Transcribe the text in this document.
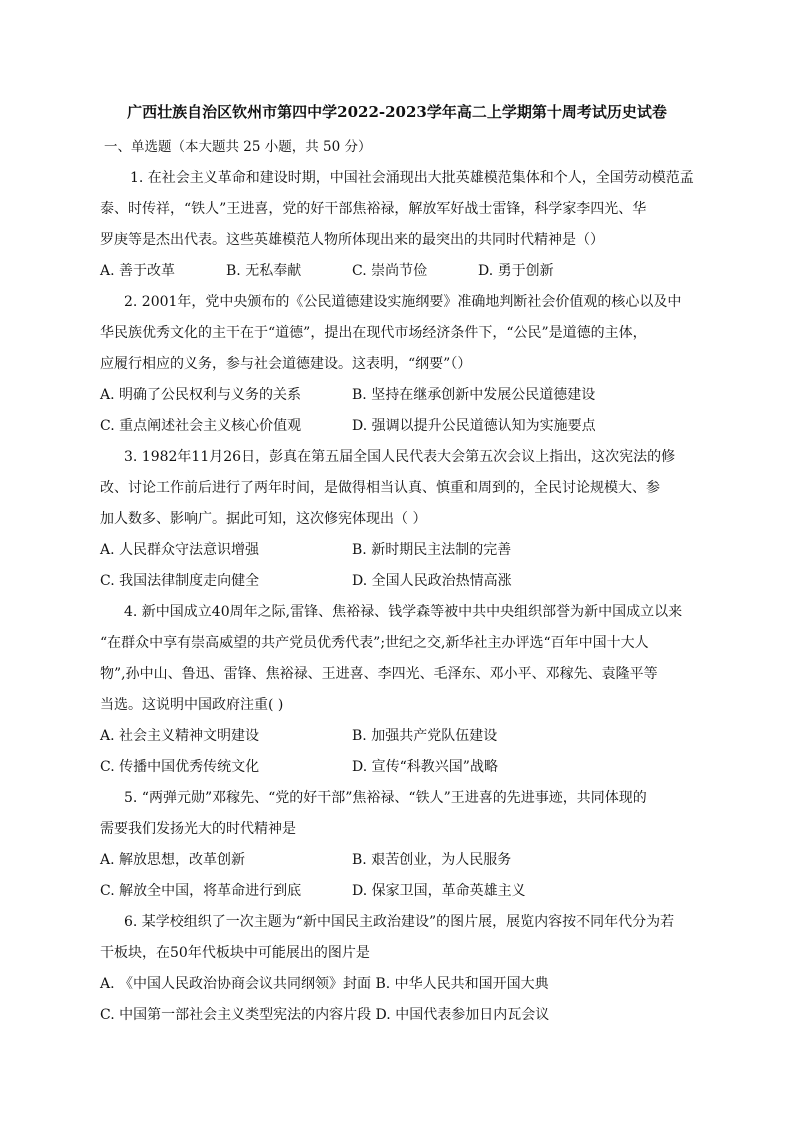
广西壮族自治区钦州市第四中学2022-2023学年高二上学期第十周考试历史试卷
一、单选题（本大题共 25 小题，共 50 分）
1. 在社会主义革命和建设时期，中国社会涌现出大批英雄模范集体和个人，全国劳动模范孟
泰、时传祥，“铁人”王进喜，党的好干部焦裕禄，解放军好战士雷锋，科学家李四光、华
罗庚等是杰出代表。这些英雄模范人物所体现出来的最突出的共同时代精神是（）
A. 善于改革	B. 无私奉献	C. 崇尚节俭	D. 勇于创新
2. 2001年，党中央颁布的《公民道德建设实施纲要》准确地判断社会价值观的核心以及中
华民族优秀文化的主干在于“道德”，提出在现代市场经济条件下，“公民”是道德的主体，
应履行相应的义务，参与社会道德建设。这表明，“纲要”（）
A. 明确了公民权利与义务的关系	B. 坚持在继承创新中发展公民道德建设
C. 重点阐述社会主义核心价值观	D. 强调以提升公民道德认知为实施要点
3. 1982年11月26日，彭真在第五届全国人民代表大会第五次会议上指出，这次宪法的修
改、讨论工作前后进行了两年时间，是做得相当认真、慎重和周到的，全民讨论规模大、参
加人数多、影响广。据此可知，这次修宪体现出（ ）
A. 人民群众守法意识增强	B. 新时期民主法制的完善
C. 我国法律制度走向健全	D. 全国人民政治热情高涨
4. 新中国成立40周年之际,雷锋、焦裕禄、钱学森等被中共中央组织部誉为新中国成立以来
“在群众中享有崇高威望的共产党员优秀代表”;世纪之交,新华社主办评选“百年中国十大人
物”,孙中山、鲁迅、雷锋、焦裕禄、王进喜、李四光、毛泽东、邓小平、邓稼先、袁隆平等
当选。这说明中国政府注重( )
A. 社会主义精神文明建设	B. 加强共产党队伍建设
C. 传播中国优秀传统文化	D. 宣传“科教兴国”战略
5. “两弹元勋”邓稼先、“党的好干部”焦裕禄、“铁人”王进喜的先进事迹，共同体现的
需要我们发扬光大的时代精神是
A. 解放思想，改革创新	B. 艰苦创业，为人民服务
C. 解放全中国，将革命进行到底	D. 保家卫国，革命英雄主义
6. 某学校组织了一次主题为“新中国民主政治建设”的图片展，展览内容按不同年代分为若
干板块，在50年代板块中可能展出的图片是
A. 《中国人民政治协商会议共同纲领》封面 B. 中华人民共和国开国大典
C. 中国第一部社会主义类型宪法的内容片段 D. 中国代表参加日内瓦会议
